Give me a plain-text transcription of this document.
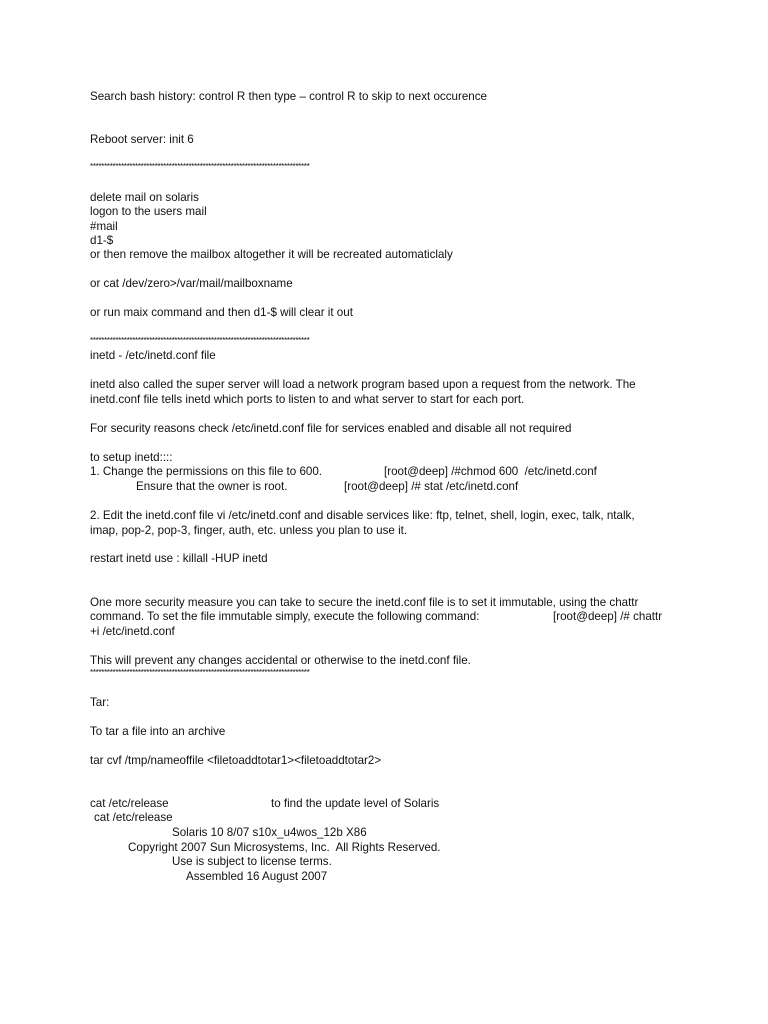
Search bash history: control R then type – control R to skip to next occurence
Reboot server: init 6
******************************************************************************
delete mail on solaris
logon to the users mail
#mail
d1-$
or then remove the mailbox altogether it will be recreated automaticlaly
or cat /dev/zero>/var/mail/mailboxname
or run maix command and then d1-$ will clear it out
******************************************************************************
inetd - /etc/inetd.conf file
inetd also called the super server will load a network program based upon a request from the network. The
inetd.conf file tells inetd which ports to listen to and what server to start for each port.
For security reasons check /etc/inetd.conf file for services enabled and disable all not required
to setup inetd::::
1. Change the permissions on this file to 600.	[root@deep] /#chmod 600  /etc/inetd.conf
Ensure that the owner is root.	[root@deep] /# stat /etc/inetd.conf
2. Edit the inetd.conf file vi /etc/inetd.conf and disable services like: ftp, telnet, shell, login, exec, talk, ntalk,
imap, pop-2, pop-3, finger, auth, etc. unless you plan to use it.
restart inetd use : killall -HUP inetd
One more security measure you can take to secure the inetd.conf file is to set it immutable, using the chattr
command. To set the file immutable simply, execute the following command:	[root@deep] /# chattr
+i /etc/inetd.conf
This will prevent any changes accidental or otherwise to the inetd.conf file.
******************************************************************************
Tar:
To tar a file into an archive
tar cvf /tmp/nameoffile <filetoaddtotar1><filetoaddtotar2>
cat /etc/release	to find the update level of Solaris
cat /etc/release
Solaris 10 8/07 s10x_u4wos_12b X86
Copyright 2007 Sun Microsystems, Inc.  All Rights Reserved.
Use is subject to license terms.
Assembled 16 August 2007
